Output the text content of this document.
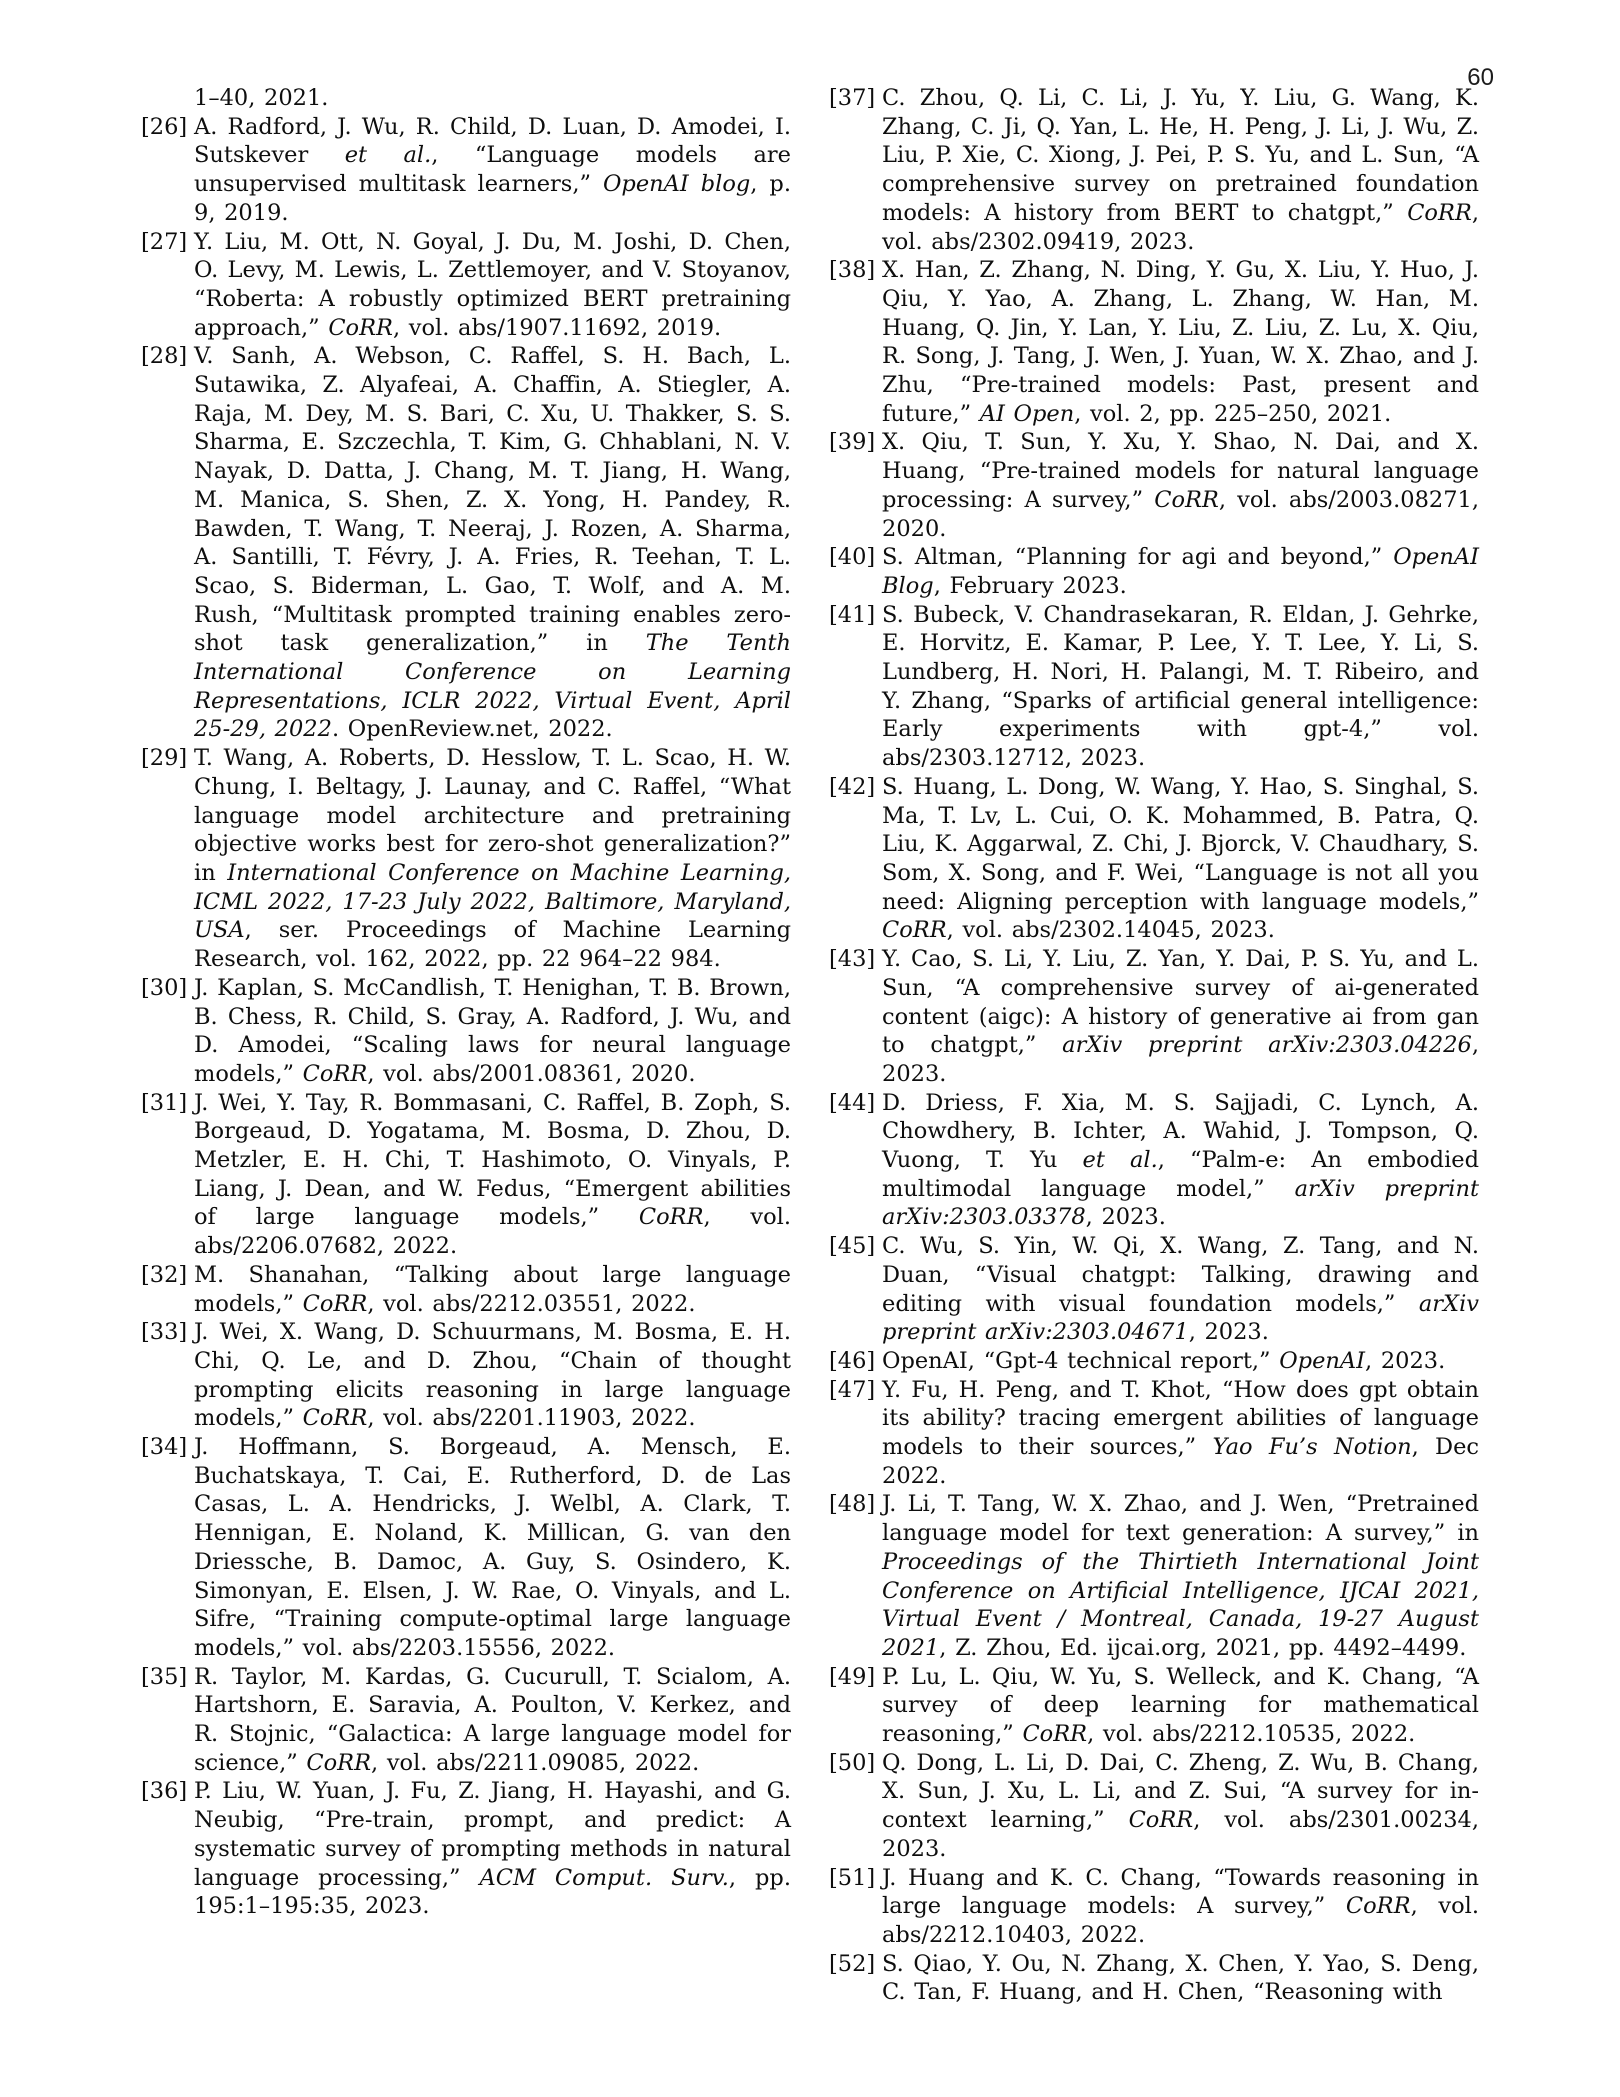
60
1–40, 2021.
[26] A. Radford, J. Wu, R. Child, D. Luan, D. Amodei, I. Sutskever et al., “Language models are unsupervised multitask learners,” OpenAI blog, p. 9, 2019.
[27] Y. Liu, M. Ott, N. Goyal, J. Du, M. Joshi, D. Chen, O. Levy, M. Lewis, L. Zettlemoyer, and V. Stoyanov, “Roberta: A robustly optimized BERT pretraining approach,” CoRR, vol. abs/1907.11692, 2019.
[28] V. Sanh, A. Webson, C. Raffel, S. H. Bach, L. Sutawika, Z. Alyafeai, A. Chaffin, A. Stiegler, A. Raja, M. Dey, M. S. Bari, C. Xu, U. Thakker, S. S. Sharma, E. Szczechla, T. Kim, G. Chhablani, N. V. Nayak, D. Datta, J. Chang, M. T. Jiang, H. Wang, M. Manica, S. Shen, Z. X. Yong, H. Pandey, R. Bawden, T. Wang, T. Neeraj, J. Rozen, A. Sharma, A. Santilli, T. Févry, J. A. Fries, R. Teehan, T. L. Scao, S. Biderman, L. Gao, T. Wolf, and A. M. Rush, “Multitask prompted training enables zero-shot task generalization,” in The Tenth International Conference on Learning Representations, ICLR 2022, Virtual Event, April 25-29, 2022. OpenReview.net, 2022.
[29] T. Wang, A. Roberts, D. Hesslow, T. L. Scao, H. W. Chung, I. Beltagy, J. Launay, and C. Raffel, “What language model architecture and pretraining objective works best for zero-shot generalization?” in International Conference on Machine Learning, ICML 2022, 17-23 July 2022, Baltimore, Maryland, USA, ser. Proceedings of Machine Learning Research, vol. 162, 2022, pp. 22 964–22 984.
[30] J. Kaplan, S. McCandlish, T. Henighan, T. B. Brown, B. Chess, R. Child, S. Gray, A. Radford, J. Wu, and D. Amodei, “Scaling laws for neural language models,” CoRR, vol. abs/2001.08361, 2020.
[31] J. Wei, Y. Tay, R. Bommasani, C. Raffel, B. Zoph, S. Borgeaud, D. Yogatama, M. Bosma, D. Zhou, D. Metzler, E. H. Chi, T. Hashimoto, O. Vinyals, P. Liang, J. Dean, and W. Fedus, “Emergent abilities of large language models,” CoRR, vol. abs/2206.07682, 2022.
[32] M. Shanahan, “Talking about large language models,” CoRR, vol. abs/2212.03551, 2022.
[33] J. Wei, X. Wang, D. Schuurmans, M. Bosma, E. H. Chi, Q. Le, and D. Zhou, “Chain of thought prompting elicits reasoning in large language models,” CoRR, vol. abs/2201.11903, 2022.
[34] J. Hoffmann, S. Borgeaud, A. Mensch, E. Buchatskaya, T. Cai, E. Rutherford, D. de Las Casas, L. A. Hendricks, J. Welbl, A. Clark, T. Hennigan, E. Noland, K. Millican, G. van den Driessche, B. Damoc, A. Guy, S. Osindero, K. Simonyan, E. Elsen, J. W. Rae, O. Vinyals, and L. Sifre, “Training compute-optimal large language models,” vol. abs/2203.15556, 2022.
[35] R. Taylor, M. Kardas, G. Cucurull, T. Scialom, A. Hartshorn, E. Saravia, A. Poulton, V. Kerkez, and R. Stojnic, “Galactica: A large language model for science,” CoRR, vol. abs/2211.09085, 2022.
[36] P. Liu, W. Yuan, J. Fu, Z. Jiang, H. Hayashi, and G. Neubig, “Pre-train, prompt, and predict: A systematic survey of prompting methods in natural language processing,” ACM Comput. Surv., pp. 195:1–195:35, 2023.
[37] C. Zhou, Q. Li, C. Li, J. Yu, Y. Liu, G. Wang, K. Zhang, C. Ji, Q. Yan, L. He, H. Peng, J. Li, J. Wu, Z. Liu, P. Xie, C. Xiong, J. Pei, P. S. Yu, and L. Sun, “A comprehensive survey on pretrained foundation models: A history from BERT to chatgpt,” CoRR, vol. abs/2302.09419, 2023.
[38] X. Han, Z. Zhang, N. Ding, Y. Gu, X. Liu, Y. Huo, J. Qiu, Y. Yao, A. Zhang, L. Zhang, W. Han, M. Huang, Q. Jin, Y. Lan, Y. Liu, Z. Liu, Z. Lu, X. Qiu, R. Song, J. Tang, J. Wen, J. Yuan, W. X. Zhao, and J. Zhu, “Pre-trained models: Past, present and future,” AI Open, vol. 2, pp. 225–250, 2021.
[39] X. Qiu, T. Sun, Y. Xu, Y. Shao, N. Dai, and X. Huang, “Pre-trained models for natural language processing: A survey,” CoRR, vol. abs/2003.08271, 2020.
[40] S. Altman, “Planning for agi and beyond,” OpenAI Blog, February 2023.
[41] S. Bubeck, V. Chandrasekaran, R. Eldan, J. Gehrke, E. Horvitz, E. Kamar, P. Lee, Y. T. Lee, Y. Li, S. Lundberg, H. Nori, H. Palangi, M. T. Ribeiro, and Y. Zhang, “Sparks of artificial general intelligence: Early experiments with gpt-4,” vol. abs/2303.12712, 2023.
[42] S. Huang, L. Dong, W. Wang, Y. Hao, S. Singhal, S. Ma, T. Lv, L. Cui, O. K. Mohammed, B. Patra, Q. Liu, K. Aggarwal, Z. Chi, J. Bjorck, V. Chaudhary, S. Som, X. Song, and F. Wei, “Language is not all you need: Aligning perception with language models,” CoRR, vol. abs/2302.14045, 2023.
[43] Y. Cao, S. Li, Y. Liu, Z. Yan, Y. Dai, P. S. Yu, and L. Sun, “A comprehensive survey of ai-generated content (aigc): A history of generative ai from gan to chatgpt,” arXiv preprint arXiv:2303.04226, 2023.
[44] D. Driess, F. Xia, M. S. Sajjadi, C. Lynch, A. Chowdhery, B. Ichter, A. Wahid, J. Tompson, Q. Vuong, T. Yu et al., “Palm-e: An embodied multimodal language model,” arXiv preprint arXiv:2303.03378, 2023.
[45] C. Wu, S. Yin, W. Qi, X. Wang, Z. Tang, and N. Duan, “Visual chatgpt: Talking, drawing and editing with visual foundation models,” arXiv preprint arXiv:2303.04671, 2023.
[46] OpenAI, “Gpt-4 technical report,” OpenAI, 2023.
[47] Y. Fu, H. Peng, and T. Khot, “How does gpt obtain its ability? tracing emergent abilities of language models to their sources,” Yao Fu’s Notion, Dec 2022.
[48] J. Li, T. Tang, W. X. Zhao, and J. Wen, “Pretrained language model for text generation: A survey,” in Proceedings of the Thirtieth International Joint Conference on Artificial Intelligence, IJCAI 2021, Virtual Event / Montreal, Canada, 19-27 August 2021, Z. Zhou, Ed. ijcai.org, 2021, pp. 4492–4499.
[49] P. Lu, L. Qiu, W. Yu, S. Welleck, and K. Chang, “A survey of deep learning for mathematical reasoning,” CoRR, vol. abs/2212.10535, 2022.
[50] Q. Dong, L. Li, D. Dai, C. Zheng, Z. Wu, B. Chang, X. Sun, J. Xu, L. Li, and Z. Sui, “A survey for in-context learning,” CoRR, vol. abs/2301.00234, 2023.
[51] J. Huang and K. C. Chang, “Towards reasoning in large language models: A survey,” CoRR, vol. abs/2212.10403, 2022.
[52] S. Qiao, Y. Ou, N. Zhang, X. Chen, Y. Yao, S. Deng, C. Tan, F. Huang, and H. Chen, “Reasoning with
